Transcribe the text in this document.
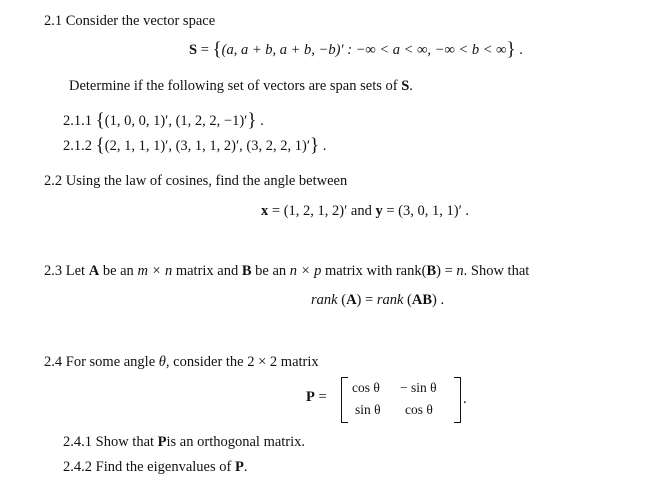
2.1 Consider the vector space
S = {(a, a + b, a + b, −b)′ : −∞ < a < ∞, −∞ < b < ∞} .
Determine if the following set of vectors are span sets of S.
2.1.1 {(1, 0, 0, 1)′, (1, 2, 2, −1)′} .
2.1.2 {(2, 1, 1, 1)′, (3, 1, 1, 2)′, (3, 2, 2, 1)′} .
2.2 Using the law of cosines, find the angle between
x = (1, 2, 1, 2)′ and y = (3, 0, 1, 1)′ .
2.3 Let A be an m × n matrix and B be an n × p matrix with rank(B) = n. Show that
rank (A) = rank (AB) .
2.4 For some angle θ, consider the 2 × 2 matrix
P =
cos θ − sin θ
sin θ cos θ
.
2.4.1 Show that Pis an orthogonal matrix.
2.4.2 Find the eigenvalues of P.
